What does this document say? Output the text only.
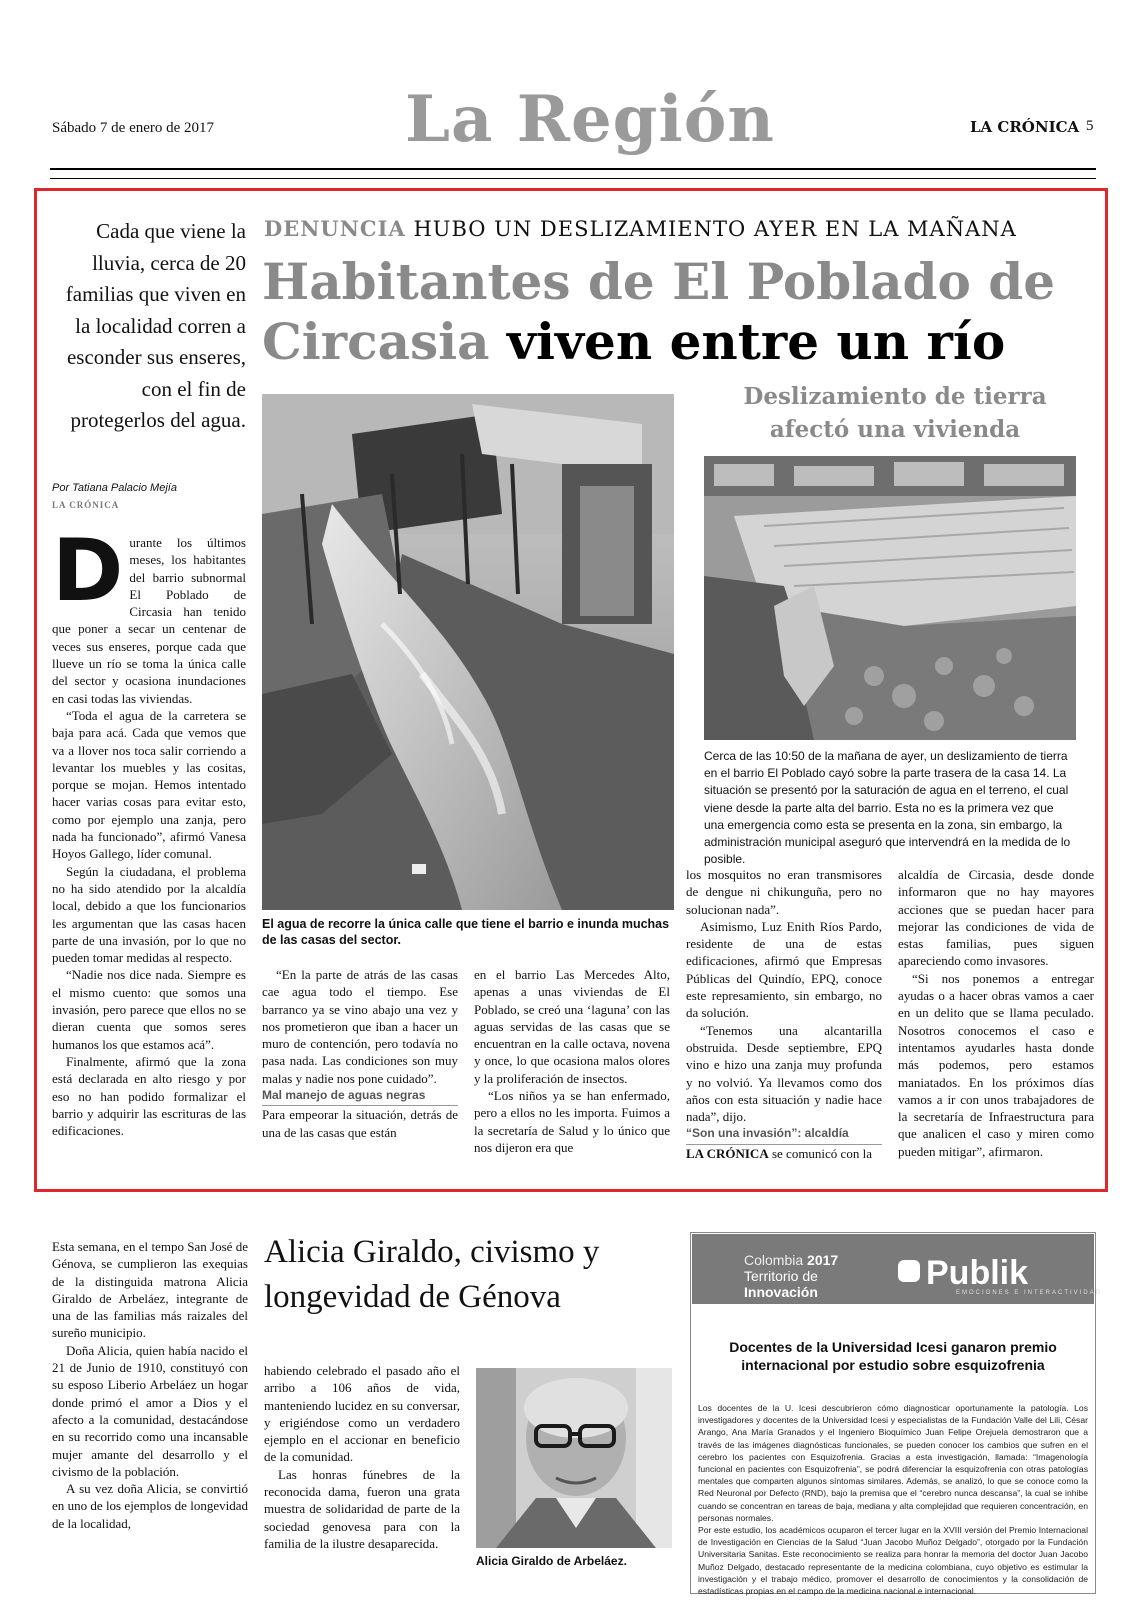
Sábado 7 de enero de 2017	La Región	LA CRÓNICA 5
Cada que viene la lluvia, cerca de 20 familias que viven en la localidad corren a esconder sus enseres, con el fin de protegerlos del agua.
Por Tatiana Palacio Mejía
LA CRÓNICA
D urante los últimos meses, los habitantes del barrio subnormal El Poblado de Circasia han tenido que poner a secar un centenar de veces sus enseres, porque cada que llueve un río se toma la única calle del sector y ocasiona inundaciones en casi todas las viviendas.

“Toda el agua de la carretera se baja para acá. Cada que vemos que va a llover nos toca salir corriendo a levantar los muebles y las cositas, porque se mojan. Hemos intentado hacer varias cosas para evitar esto, como por ejemplo una zanja, pero nada ha funcionado”, afirmó Vanesa Hoyos Gallego, líder comunal.

Según la ciudadana, el problema no ha sido atendido por la alcaldía local, debido a que los funcionarios les argumentan que las casas hacen parte de una invasión, por lo que no pueden tomar medidas al respecto.

“Nadie nos dice nada. Siempre es el mismo cuento: que somos una invasión, pero parece que ellos no se dieran cuenta que somos seres humanos los que estamos acá”.

Finalmente, afirmó que la zona está declarada en alto riesgo y por eso no han podido formalizar el barrio y adquirir las escrituras de las edificaciones.

DENUNCIA HUBO UN DESLIZAMIENTO AYER EN LA MAÑANA
Habitantes de El Poblado de Circasia viven entre un río
El agua de recorre la única calle que tiene el barrio e inunda muchas de las casas del sector.
Deslizamiento de tierra afectó una vivienda
Cerca de las 10:50 de la mañana de ayer, un deslizamiento de tierra en el barrio El Poblado cayó sobre la parte trasera de la casa 14. La situación se presentó por la saturación de agua en el terreno, el cual viene desde la parte alta del barrio. Esta no es la primera vez que una emergencia como esta se presenta en la zona, sin embargo, la administración municipal aseguró que intervendrá en la medida de lo posible.

“En la parte de atrás de las casas cae agua todo el tiempo. Ese barranco ya se vino abajo una vez y nos prometieron que iban a hacer un muro de contención, pero todavía no pasa nada. Las condiciones son muy malas y nadie nos pone cuidado”.

Mal manejo de aguas negras

Para empeorar la situación, detrás de una de las casas que están

en el barrio Las Mercedes Alto, apenas a unas viviendas de El Poblado, se creó una ‘laguna’ con las aguas servidas de las casas que se encuentran en la calle octava, novena y once, lo que ocasiona malos olores y la proliferación de insectos.

“Los niños ya se han enfermado, pero a ellos no les importa. Fuimos a la secretaría de Salud y lo único que nos dijeron era que

los mosquitos no eran transmisores de dengue ni chikunguña, pero no solucionan nada”.

Asimismo, Luz Enith Ríos Pardo, residente de una de estas edificaciones, afirmó que Empresas Públicas del Quindío, EPQ, conoce este represamiento, sin embargo, no da solución.

“Tenemos una alcantarilla obstruida. Desde septiembre, EPQ vino e hizo una zanja muy profunda y no volvió. Ya llevamos como dos años con esta situación y nadie hace nada”, dijo.

“Son una invasión”: alcaldía

LA CRÓNICA se comunicó con la

alcaldía de Circasia, desde donde informaron que no hay mayores acciones que se puedan hacer para mejorar las condiciones de vida de estas familias, pues siguen apareciendo como invasores.

“Si nos ponemos a entregar ayudas o a hacer obras vamos a caer en un delito que se llama peculado. Nosotros conocemos el caso e intentamos ayudarles hasta donde más podemos, pero estamos maniatados. En los próximos días vamos a ir con unos trabajadores de la secretaría de Infraestructura para que analicen el caso y miren como pueden mitigar”, afirmaron.

Esta semana, en el tempo San José de Génova, se cumplieron las exequias de la distinguida matrona Alicia Giraldo de Arbeláez, integrante de una de las familias más raizales del sureño municipio.

Doña Alicia, quien había nacido el 21 de Junio de 1910, constituyó con su esposo Liberio Arbeláez un hogar donde primó el amor a Dios y el afecto a la comunidad, destacándose en su recorrido como una incansable mujer amante del desarrollo y el civismo de la población.

A su vez doña Alicia, se convirtió en uno de los ejemplos de longevidad de la localidad,

Alicia Giraldo, civismo y longevidad de Génova

habiendo celebrado el pasado año el arribo a 106 años de vida, manteniendo lucidez en su conversar, y erigiéndose como un verdadero ejemplo en el accionar en beneficio de la comunidad.

Las honras fúnebres de la reconocida dama, fueron una grata muestra de solidaridad de parte de la sociedad genovesa para con la familia de la ilustre desaparecida.

Alicia Giraldo de Arbeláez.
Colombia 2017
Territorio de
Innovación	Publik
EMOCIONES E INTERACTIVIDAD
Docentes de la Universidad Icesi ganaron premio internacional por estudio sobre esquizofrenia

Los docentes de la U. Icesi descubrieron cómo diagnosticar oportunamente la patología. Los investigadores y docentes de la Universidad Icesi y especialistas de la Fundación Valle del Lili, César Arango, Ana María Granados y el Ingeniero Bioquímico Juan Felipe Orejuela demostraron que a través de las imágenes diagnósticas funcionales, se pueden conocer los cambios que sufren en el cerebro los pacientes con Esquizofrenia. Gracias a esta investigación, llamada: “Imagenología funcional en pacientes con Esquizofrenia”, se podrá diferenciar la esquizofrenia con otras patologías mentales que comparten algunos síntomas similares. Además, se analizó, lo que se conoce como la Red Neuronal por Defecto (RND), bajo la premisa que el “cerebro nunca descansa”, la cual se inhibe cuando se concentran en tareas de baja, mediana y alta complejidad que requieren concentración, en personas normales.

Por este estudio, los académicos ocuparon el tercer lugar en la XVIII versión del Premio Internacional de Investigación en Ciencias de la Salud “Juan Jacobo Muñoz Delgado”, otorgado por la Fundación Universitaria Sanitas. Este reconocimiento se realiza para honrar la memoria del doctor Juan Jacobo Muñoz Delgado, destacado representante de la medicina colombiana, cuyo objetivo es estimular la investigación y el trabajo médico, promover el desarrollo de conocimientos y la consolidación de estadísticas propias en el campo de la medicina nacional e internacional.
